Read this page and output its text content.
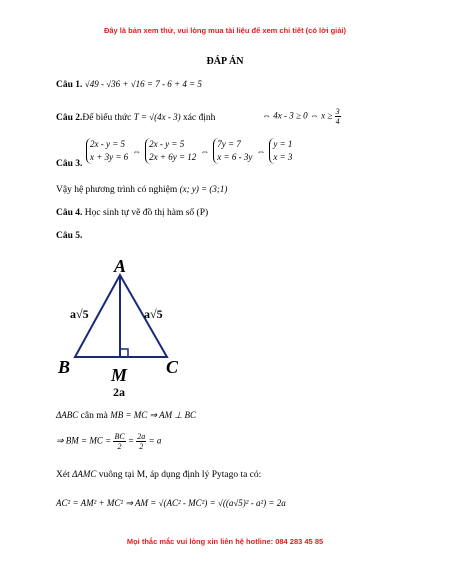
Đây là bản xem thử, vui lòng mua tài liệu để xem chi tiết (có lời giải)
ĐÁP ÁN
Câu 1. √49 - √36 + √16 = 7 - 6 + 4 = 5
Câu 2.Để biểu thức T = √(4x - 3) xác định	⇔ 4x - 3 ≥ 0 ⇔ $x \ge \frac{3}{4}$
Câu 3.
2x - y = 5
x + 3y = 6
⇔
2x - y = 5
2x + 6y = 12
⇔
7y = 7
x = 6 - 3y
⇔
y = 1
x = 3
Vậy hệ phương trình có nghiệm (x; y) = (3;1)
Câu 4. Học sinh tự vẽ đồ thị hàm số (P)
Câu 5.
A
B	C
M
a√5	a√5
2a
ΔABC cân mà MB = MC ⇒ AM ⊥ BC
⇒ BM = MC = $\frac{BC}{2} = \frac{2a}{2} = a$
Xét ΔAMC vuông tại M, áp dụng định lý Pytago ta có:
AC² = AM² + MC² ⇒ AM = √(AC² - MC²) = √((a√5)² - a²) = 2a
Mọi thắc mắc vui lòng xin liên hệ hotline: 084 283 45 85
